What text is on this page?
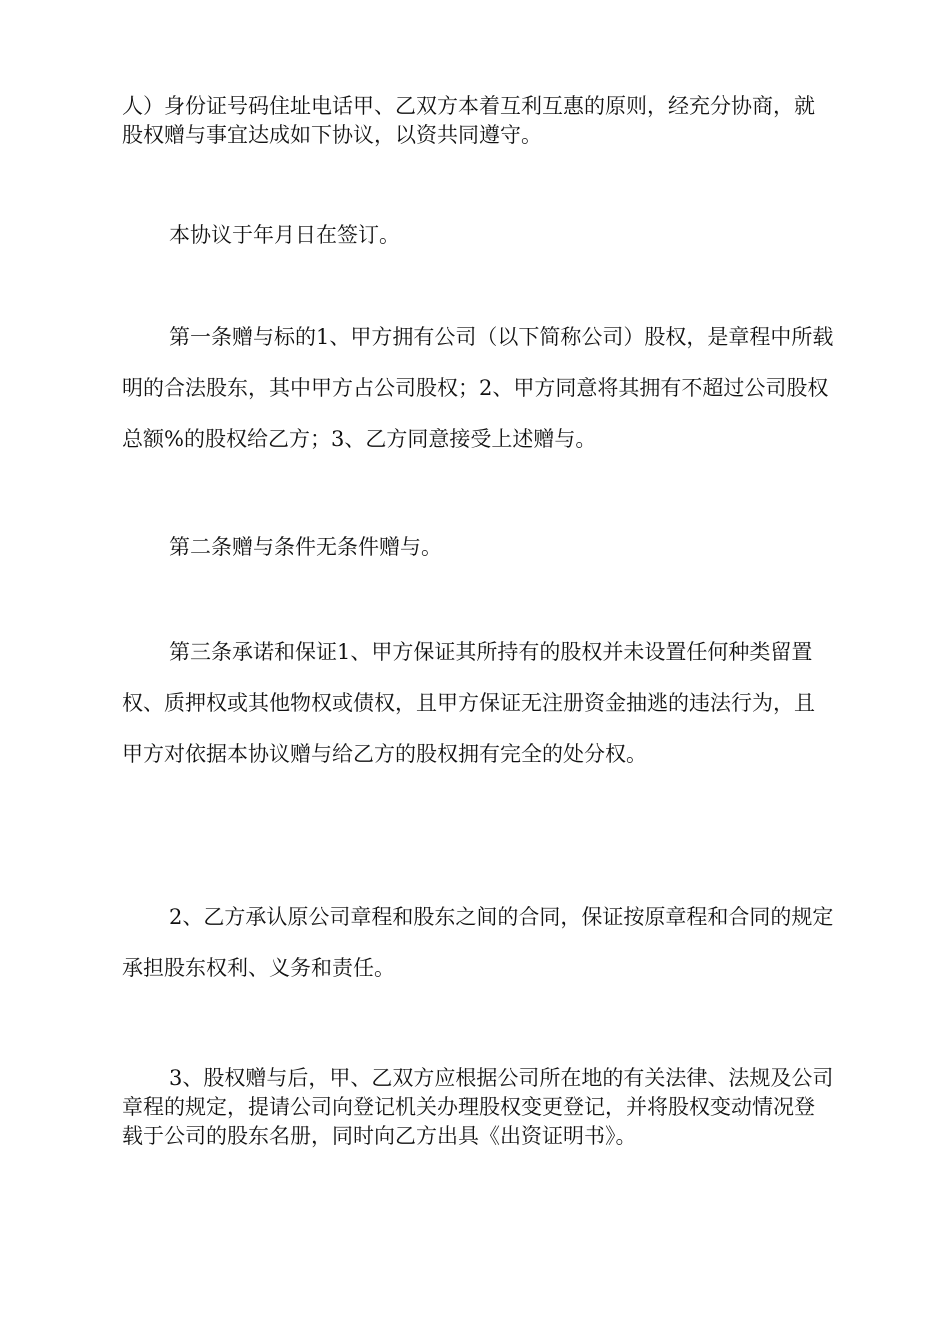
人）身份证号码住址电话甲、乙双方本着互利互惠的原则，经充分协商，就股权赠与事宜达成如下协议，以资共同遵守。

本协议于年月日在签订。

第一条赠与标的1、甲方拥有公司（以下简称公司）股权，是章程中所载明的合法股东，其中甲方占公司股权；2、甲方同意将其拥有不超过公司股权总额%的股权给乙方；3、乙方同意接受上述赠与。

第二条赠与条件无条件赠与。

第三条承诺和保证1、甲方保证其所持有的股权并未设置任何种类留置权、质押权或其他物权或债权，且甲方保证无注册资金抽逃的违法行为，且甲方对依据本协议赠与给乙方的股权拥有完全的处分权。

2、乙方承认原公司章程和股东之间的合同，保证按原章程和合同的规定承担股东权利、义务和责任。

3、股权赠与后，甲、乙双方应根据公司所在地的有关法律、法规及公司章程的规定，提请公司向登记机关办理股权变更登记，并将股权变动情况登载于公司的股东名册，同时向乙方出具《出资证明书》。
